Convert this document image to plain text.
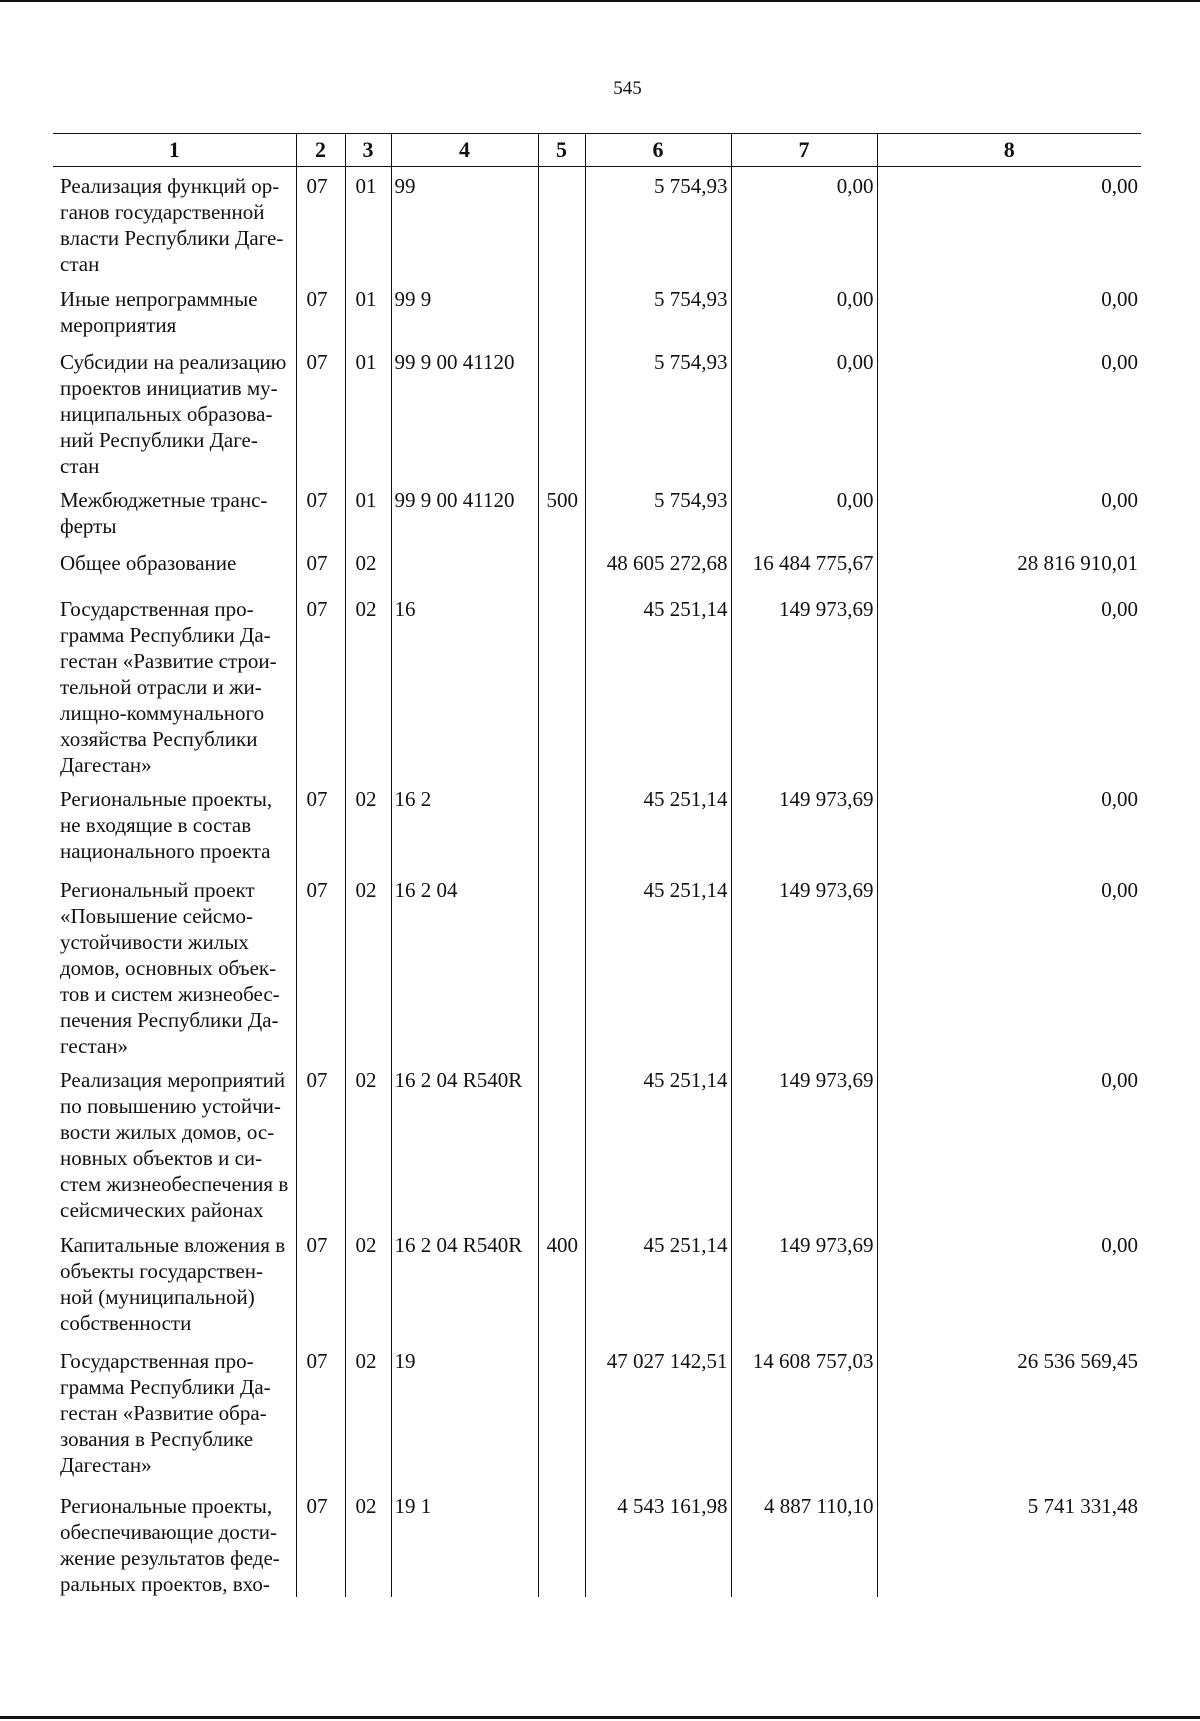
545
1	2	3	4	5	6	7	8
Реализация функций ор-ганов государственной власти Республики Даге-стан	07	01	99		5 754,93	0,00	0,00
Иные непрограммные мероприятия	07	01	99 9		5 754,93	0,00	0,00
Субсидии на реализацию проектов инициатив му-ниципальных образова-ний Республики Даге-стан	07	01	99 9 00 41120		5 754,93	0,00	0,00
Межбюджетные транс-ферты	07	01	99 9 00 41120	500	5 754,93	0,00	0,00
Общее образование	07	02			48 605 272,68	16 484 775,67	28 816 910,01
Государственная про-грамма Республики Да-гестан «Развитие строи-тельной отрасли и жи-лищно-коммунального хозяйства Республики Дагестан»	07	02	16		45 251,14	149 973,69	0,00
Региональные проекты, не входящие в состав национального проекта	07	02	16 2		45 251,14	149 973,69	0,00
Региональный проект «Повышение сейсмо-устойчивости жилых домов, основных объек-тов и систем жизнеобес-печения Республики Да-гестан»	07	02	16 2 04		45 251,14	149 973,69	0,00
Реализация мероприятий по повышению устойчи-вости жилых домов, ос-новных объектов и си-стем жизнеобеспечения в сейсмических районах	07	02	16 2 04 R540R		45 251,14	149 973,69	0,00
Капитальные вложения в объекты государствен-ной (муниципальной) собственности	07	02	16 2 04 R540R	400	45 251,14	149 973,69	0,00
Государственная про-грамма Республики Да-гестан «Развитие обра-зования в Республике Дагестан»	07	02	19		47 027 142,51	14 608 757,03	26 536 569,45
Региональные проекты, обеспечивающие дости-жение результатов феде-ральных проектов, вхо-	07	02	19 1		4 543 161,98	4 887 110,10	5 741 331,48
